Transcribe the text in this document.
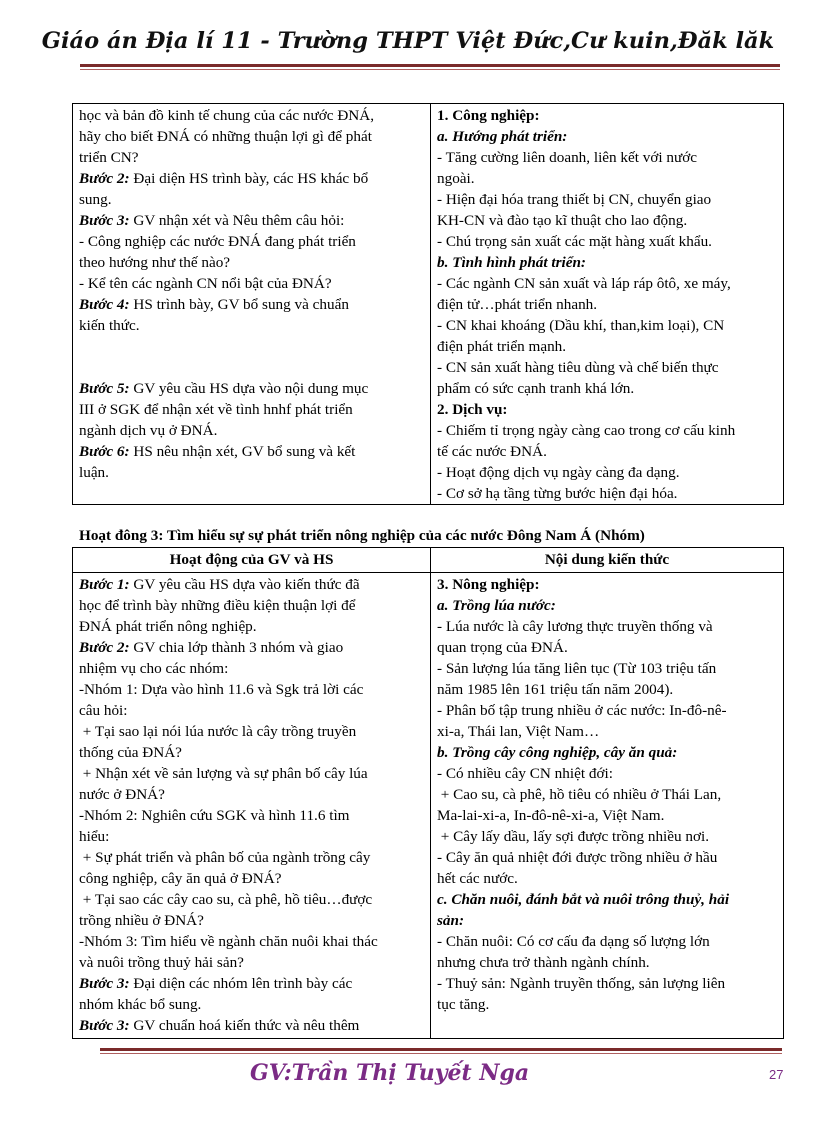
Giáo án Địa lí 11 - Trường THPT Việt Đức,Cư kuin,Đăk lăk
học và bản đồ kinh tế chung của các nước ĐNÁ,
hãy cho biết ĐNÁ có những thuận lợi gì để phát
triển CN?
Bước 2: Đại diện HS trình bày, các HS khác bổ
sung.
Bước 3: GV nhận xét và Nêu thêm câu hỏi:
- Công nghiệp các nước ĐNÁ đang phát triển
theo hướng như thế nào?
- Kể tên các ngành CN nổi bật của ĐNÁ?
Bước 4: HS trình bày, GV bổ sung và chuẩn
kiến thức.
Bước 5: GV yêu cầu HS dựa vào nội dung mục
III ở SGK để nhận xét về tình hnhf phát triển
ngành dịch vụ ở ĐNÁ.
Bước 6: HS nêu nhận xét, GV bổ sung và kết
luận.
1. Công nghiệp:
a. Hướng phát triển:
- Tăng cường liên doanh, liên kết với nước
ngoài.
- Hiện đại hóa trang thiết bị CN, chuyển giao
KH-CN và đào tạo kĩ thuật cho lao động.
- Chú trọng sản xuất các mặt hàng xuất khẩu.
b. Tình hình phát triển:
- Các ngành CN sản xuất và láp ráp ôtô, xe máy,
điện tử…phát triển nhanh.
- CN khai khoáng (Dầu khí, than,kim loại), CN
điện phát triển mạnh.
- CN sản xuất hàng tiêu dùng và chế biến thực
phẩm có sức cạnh tranh khá lớn.
2. Dịch vụ:
- Chiếm tỉ trọng ngày càng cao trong cơ cấu kinh
tế các nước ĐNÁ.
- Hoạt động dịch vụ ngày càng đa dạng.
- Cơ sở hạ tầng từng bước hiện đại hóa.
Hoạt đông 3: Tìm hiểu sự sự phát triển nông nghiệp của các nước Đông Nam Á (Nhóm)
Hoạt động của GV và HS	Nội dung kiến thức
Bước 1: GV yêu cầu HS dựa vào kiến thức đã
học để trình bày những điều kiện thuận lợi để
ĐNÁ phát triển nông nghiệp.
Bước 2: GV chia lớp thành 3 nhóm và giao
nhiệm vụ cho các nhóm:
-Nhóm 1: Dựa vào hình 11.6 và Sgk trả lời các
câu hỏi:
+ Tại sao lại nói lúa nước là cây trồng truyền
thống của ĐNÁ?
+ Nhận xét về sản lượng và sự phân bố cây lúa
nước ở ĐNÁ?
-Nhóm 2: Nghiên cứu SGK và hình 11.6 tìm
hiểu:
+ Sự phát triển và phân bố của ngành trồng cây
công nghiệp, cây ăn quả ở ĐNÁ?
+ Tại sao các cây cao su, cà phê, hồ tiêu…được
trồng nhiều ở ĐNÁ?
-Nhóm 3: Tìm hiểu về ngành chăn nuôi khai thác
và nuôi trồng thuỷ hải sản?
Bước 3: Đại diện các nhóm lên trình bày các
nhóm khác bổ sung.
Bước 3: GV chuẩn hoá kiến thức và nêu thêm
3. Nông nghiệp:
a. Trồng lúa nước:
- Lúa nước là cây lương thực truyền thống và
quan trọng của ĐNÁ.
- Sản lượng lúa tăng liên tục (Từ 103 triệu tấn
năm 1985 lên 161 triệu tấn năm 2004).
- Phân bố tập trung nhiều ở các nước: In-đô-nê-
xi-a, Thái lan, Việt Nam…
b. Trồng cây công nghiệp, cây ăn quả:
- Có nhiều cây CN nhiệt đới:
+ Cao su, cà phê, hồ tiêu có nhiều ở Thái Lan,
Ma-lai-xi-a, In-đô-nê-xi-a, Việt Nam.
+ Cây lấy dầu, lấy sợi được trồng nhiều nơi.
- Cây ăn quả nhiệt đới được trồng nhiều ở hầu
hết các nước.
c. Chăn nuôi, đánh bắt và nuôi trông thuỷ, hải
sản:
- Chăn nuôi: Có cơ cấu đa dạng số lượng lớn
nhưng chưa trở thành ngành chính.
- Thuỷ sản: Ngành truyền thống, sản lượng liên
tục tăng.
GV:Trần Thị Tuyết Nga	27
